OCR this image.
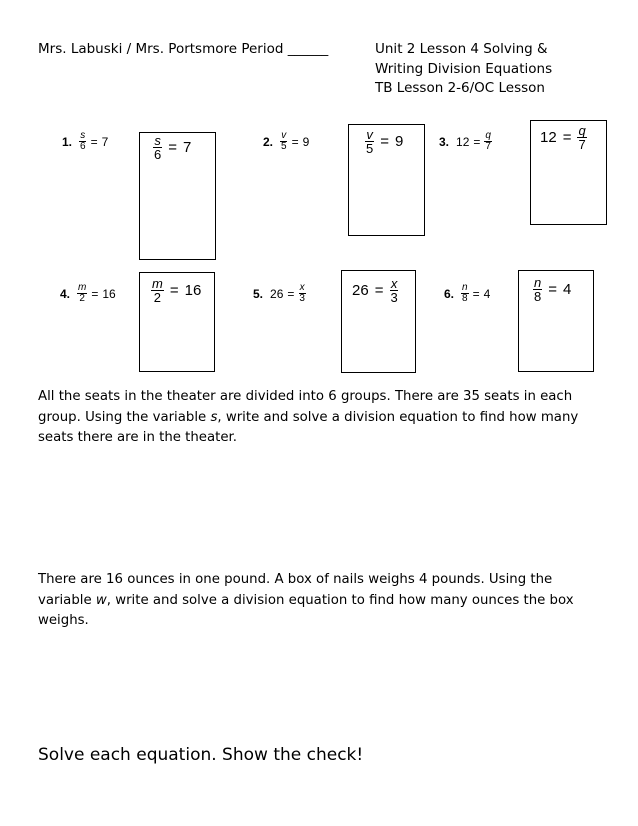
Mrs. Labuski / Mrs. Portsmore Period ______	Unit 2 Lesson 4 Solving &
Writing Division Equations
TB Lesson 2-6/OC Lesson
1. $\frac{s}{6} = 7$	$\frac{s}{6} = 7$	2. $\frac{v}{5} = 9$	$\frac{v}{5} = 9$	3. $12 = \frac{q}{7}$	$12 = \frac{q}{7}$
4. $\frac{m}{2} = 16$	$\frac{m}{2} = 16$	5. $26 = \frac{x}{3}$	$26 = \frac{x}{3}$	6. $\frac{n}{8} = 4$	$\frac{n}{8} = 4$
All the seats in the theater are divided into 6 groups. There are 35 seats in each group. Using the variable s, write and solve a division equation to find how many seats there are in the theater.
There are 16 ounces in one pound. A box of nails weighs 4 pounds. Using the variable w, write and solve a division equation to find how many ounces the box weighs.
Solve each equation. Show the check!
